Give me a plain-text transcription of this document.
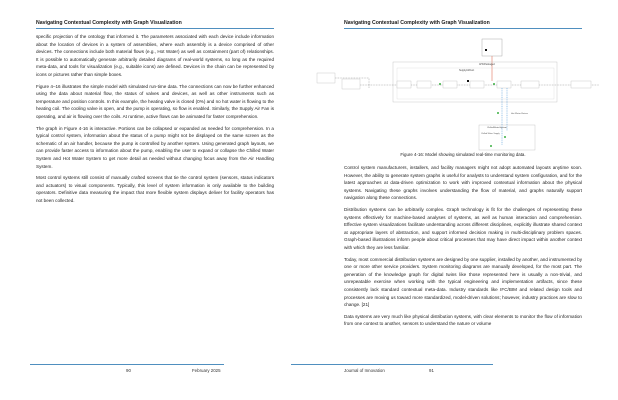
Navigating Contextual Complexity with Graph Visualization

specific projection of the ontology that informed it. The parameters associated with each device include information about the location of devices in a system of assemblies, where each assembly is a device comprised of other devices. The connections include both material flows (e.g., Hot Water) as well as containment (part of) relationships. It is possible to automatically generate arbitrarily detailed diagrams of real-world systems, so long as the required meta-data, and tools for visualization (e.g., suitable icons) are defined. Devices in the chain can be represented by icons or pictures rather than simple boxes.

Figure 4–16 illustrates the simple model with simulated run-time data. The connections can now be further enhanced using the data about material flow, the status of valves and devices, as well as other instruments such as temperature and position controls. In this example, the heating valve is closed (0%) and no hot water is flowing to the heating coil. The cooling valve is open, and the pump is operating, so flow is enabled. Similarly, the Supply Air Fan is operating, and air is flowing over the coils. At runtime, active flows can be animated for faster comprehension.

The graph in Figure 4-16 is interactive. Portions can be collapsed or expanded as needed for comprehension. In a typical control system, information about the status of a pump might not be displayed on the same screen as the schematic of an air handler, because the pump is controlled by another system. Using generated graph layouts, we can provide faster access to information about the pump, enabling the user to expand or collapse the Chilled Water System and Hot Water System to get more detail as needed without changing focus away from the Air Handling System.

Most control systems still consist of manually crafted screens that tie the control system (sensors, status indicators and actuators) to visual components. Typically, this level of system information is only available to the building operators. Definitive data measuring the impact that more flexible system displays deliver for facility operators has not been collected.

90	February 2025
Navigating Contextual Complexity with Graph Visualization
AHUPackaged
SupplyAirDuct
Hot Water Return
ChilledWaterSystem
Chilled Water Supply
Figure 4-16: Model showing simulated real-time monitoring data.

Control system manufacturers, installers, and facility managers might not adopt automated layouts anytime soon. However, the ability to generate system graphs is useful for analysts to understand system configuration, and for the latest approaches at data-driven optimization to work with improved contextual information about the physical systems. Navigating these graphs involves understanding the flow of material, and graphs naturally support navigation along these connections.

Distribution systems can be arbitrarily complex. Graph technology is fit for the challenges of representing these systems effectively for machine-based analyses of systems, as well as human interaction and comprehension. Effective system visualizations facilitate understanding across different disciplines, explicitly illustrate shared context at appropriate layers of abstraction, and support informed decision making in multi-disciplinary problem spaces. Graph-based illustrations inform people about critical processes that may have direct impact within another context with which they are less familiar.

Today, most commercial distribution systems are designed by one supplier, installed by another, and instrumented by one or more other service providers. System monitoring diagrams are manually developed, for the most part. The generation of the knowledge graph for digital twins like those represented here is usually a non-trivial, and unrepeatable exercise when working with the typical engineering and implementation artifacts, since these consistently lack standard contextual meta-data. Industry standards like IFC/BIM and related design tools and processes are moving us toward more standardized, model-driven solutions; however, industry practices are slow to change. [21]

Data systems are very much like physical distribution systems, with clear elements to monitor the flow of information from one context to another, sensors to understand the nature or volume

Journal of Innovation	91
